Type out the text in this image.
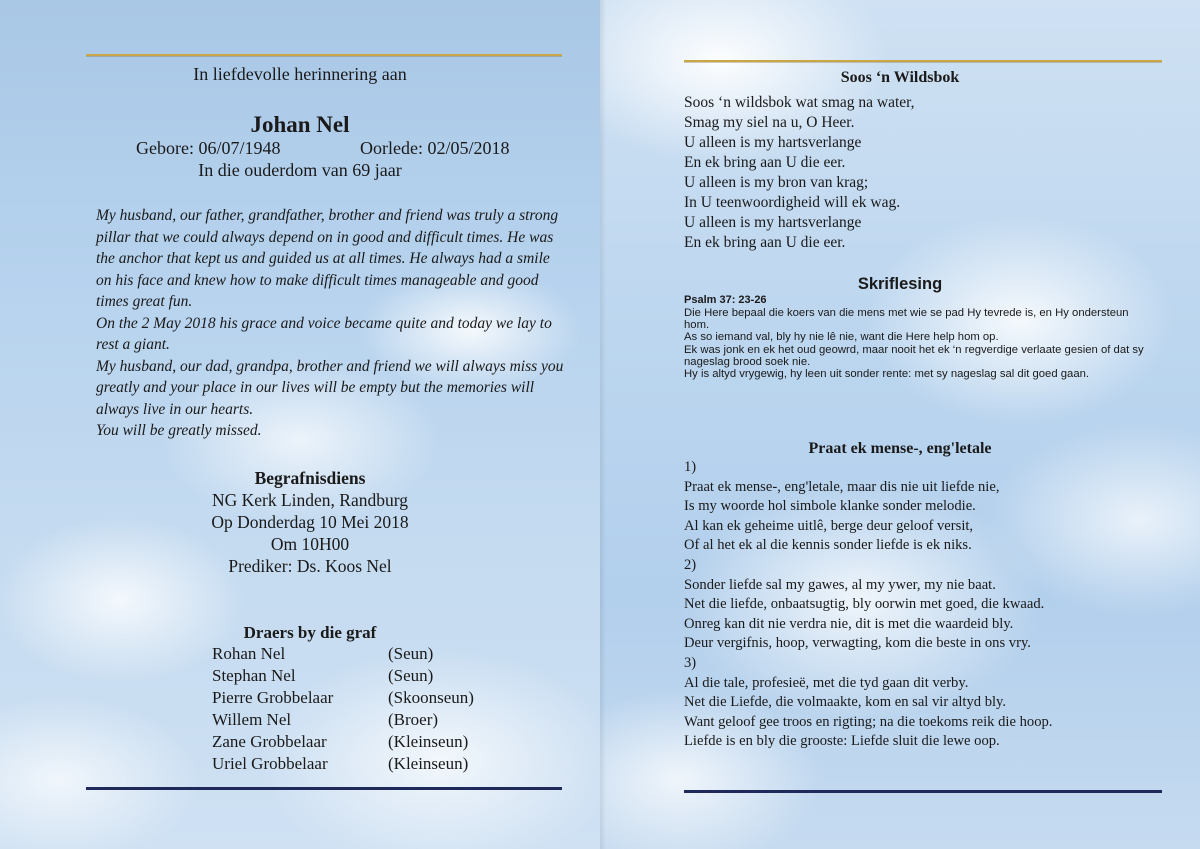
In liefdevolle herinnering aan
Johan Nel
Gebore: 06/07/1948	Oorlede: 02/05/2018
In die ouderdom van 69 jaar

My husband, our father, grandfather, brother and friend was truly a strong pillar that we could always depend on in good and difficult times. He was the anchor that kept us and guided us at all times. He always had a smile on his face and knew how to make difficult times manageable and good times great fun.

On the 2 May 2018 his grace and voice became quite and today we lay to rest a giant.

My husband, our dad, grandpa, brother and friend we will always miss you greatly and your place in our lives will be empty but the memories will always live in our hearts.

You will be greatly missed.

Begrafnisdiens
NG Kerk Linden, Randburg
Op Donderdag 10 Mei 2018
Om 10H00
Prediker: Ds. Koos Nel
Draers by die graf
Rohan Nel	(Seun)
Stephan Nel	(Seun)
Pierre Grobbelaar	(Skoonseun)
Willem Nel	(Broer)
Zane Grobbelaar	(Kleinseun)
Uriel Grobbelaar	(Kleinseun)
Soos ‘n Wildsbok
Soos ‘n wildsbok wat smag na water,
Smag my siel na u, O Heer.
U alleen is my hartsverlange
En ek bring aan U die eer.
U alleen is my bron van krag;
In U teenwoordigheid will ek wag.
U alleen is my hartsverlange
En ek bring aan U die eer.
Skriflesing
Psalm 37: 23-26

Die Here bepaal die koers van die mens met wie se pad Hy tevrede is, en Hy ondersteun hom.

As so iemand val, bly hy nie lê nie, want die Here help hom op.

Ek was jonk en ek het oud geowrd, maar nooit het ek ‘n regverdige verlaate gesien of dat sy nageslag brood soek nie.

Hy is altyd vrygewig, hy leen uit sonder rente: met sy nageslag sal dit goed gaan.

Praat ek mense-, eng'letale
1)
Praat ek mense-, eng'letale, maar dis nie uit liefde nie,
Is my woorde hol simbole klanke sonder melodie.
Al kan ek geheime uitlê, berge deur geloof versit,
Of al het ek al die kennis sonder liefde is ek niks.
2)
Sonder liefde sal my gawes, al my ywer, my nie baat.
Net die liefde, onbaatsugtig, bly oorwin met goed, die kwaad.
Onreg kan dit nie verdra nie, dit is met die waardeid bly.
Deur vergifnis, hoop, verwagting, kom die beste in ons vry.
3)
Al die tale, profesieë, met die tyd gaan dit verby.
Net die Liefde, die volmaakte, kom en sal vir altyd bly.
Want geloof gee troos en rigting; na die toekoms reik die hoop.
Liefde is en bly die grooste: Liefde sluit die lewe oop.
